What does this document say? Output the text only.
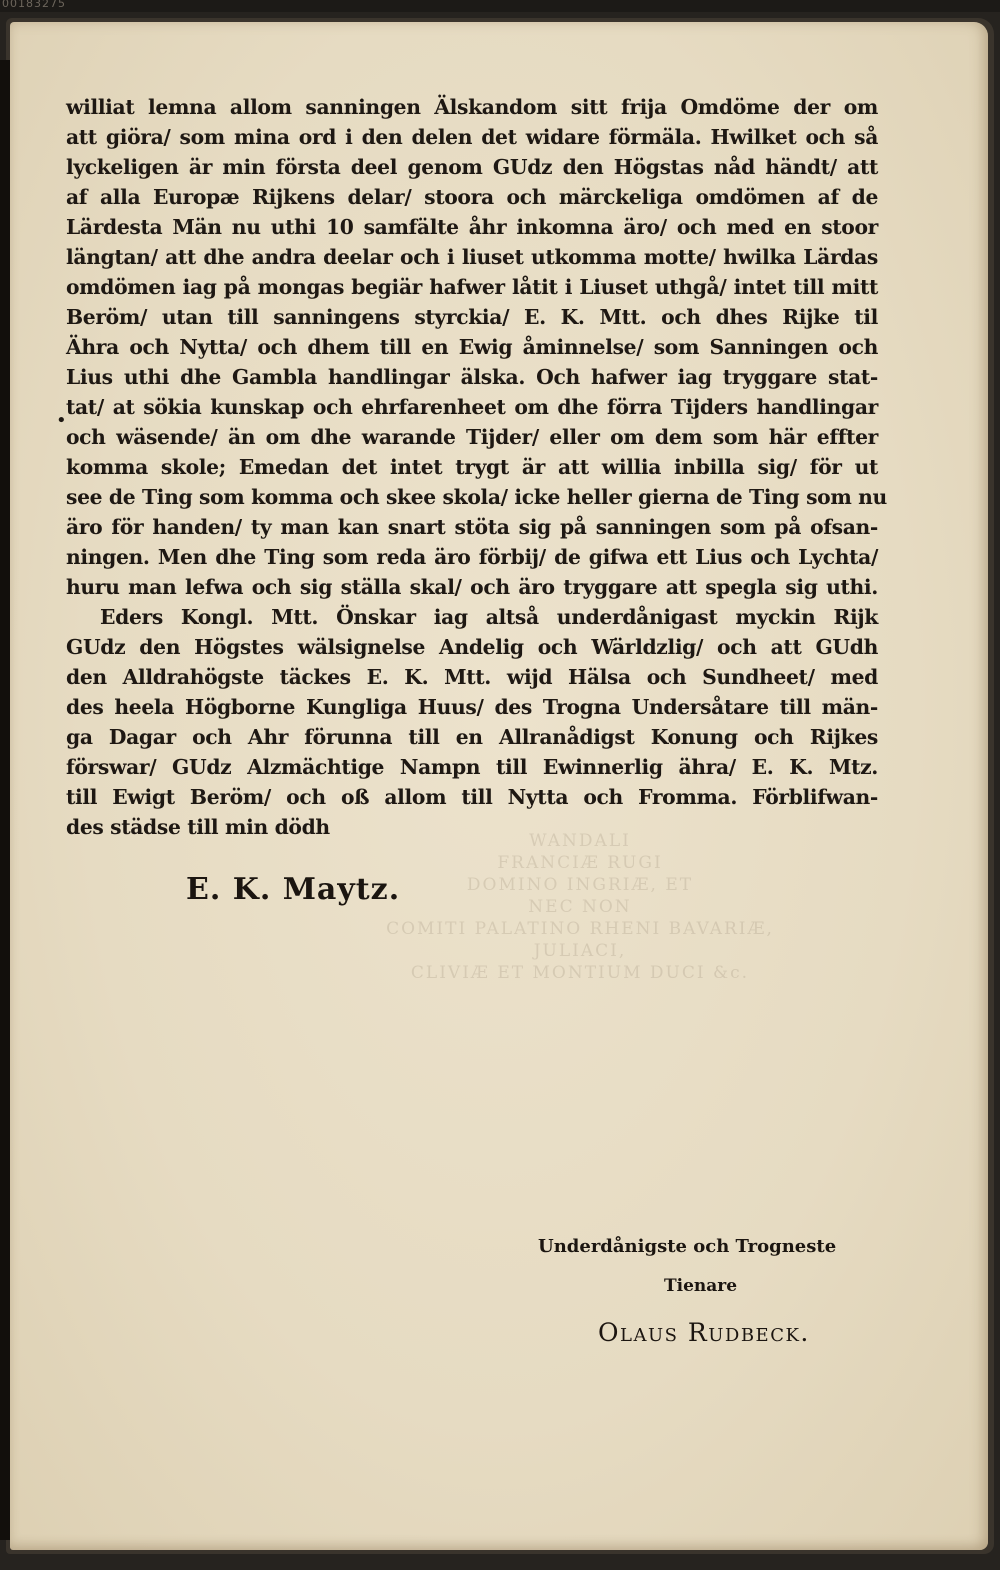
00183275
WANDALI
FRANCIÆ RUGI
DOMINO INGRIÆ, ET
NEC NON
COMITI PALATINO RHENI BAVARIÆ, JULIACI,
CLIVIÆ ET MONTIUM DUCI &c.
•
williat lemna allom sanningen Älskandom sitt frija Omdöme der om
att giöra/ som mina ord i den delen det widare förmäla. Hwilket och så
lyckeligen är min första deel genom GUdz den Högstas nåd händt/ att
af alla Europæ Rijkens delar/ stoora och märckeliga omdömen af de
Lärdesta Män nu uthi 10 samfälte åhr inkomna äro/ och med en stoor
längtan/ att dhe andra deelar och i liuset utkomma motte/ hwilka Lärdas
omdömen iag på mongas begiär hafwer låtit i Liuset uthgå/ intet till mitt
Beröm/ utan till sanningens styrckia/ E. K. Mtt. och dhes Rijke til
Ähra och Nytta/ och dhem till en Ewig åminnelse/ som Sanningen och
Lius uthi dhe Gambla handlingar älska. Och hafwer iag tryggare stat-
tat/ at sökia kunskap och ehrfarenheet om dhe förra Tijders handlingar
och wäsende/ än om dhe warande Tijder/ eller om dem som här effter
komma skole; Emedan det intet trygt är att willia inbilla sig/ för ut
see de Ting som komma och skee skola/ icke heller gierna de Ting som nu
äro för handen/ ty man kan snart stöta sig på sanningen som på ofsan-
ningen. Men dhe Ting som reda äro förbij/ de gifwa ett Lius och Lychta/
huru man lefwa och sig ställa skal/ och äro tryggare att spegla sig uthi.
Eders Kongl. Mtt. Önskar iag altså underdånigast myckin Rijk
GUdz den Högstes wälsignelse Andelig och Wärldzlig/ och att GUdh
den Alldrahögste täckes E. K. Mtt. wijd Hälsa och Sundheet/ med
des heela Högborne Kungliga Huus/ des Trogna Undersåtare till män-
ga Dagar och Ahr förunna till en Allranådigst Konung och Rijkes
förswar/ GUdz Alzmächtige Nampn till Ewinnerlig ähra/ E. K. Mtz.
till Ewigt Beröm/ och oß allom till Nytta och Fromma. Förblifwan-
des städse till min dödh
E. K. Maytz.
Underdånigste och Trogneste
Tienare
Olaus Rudbeck.
